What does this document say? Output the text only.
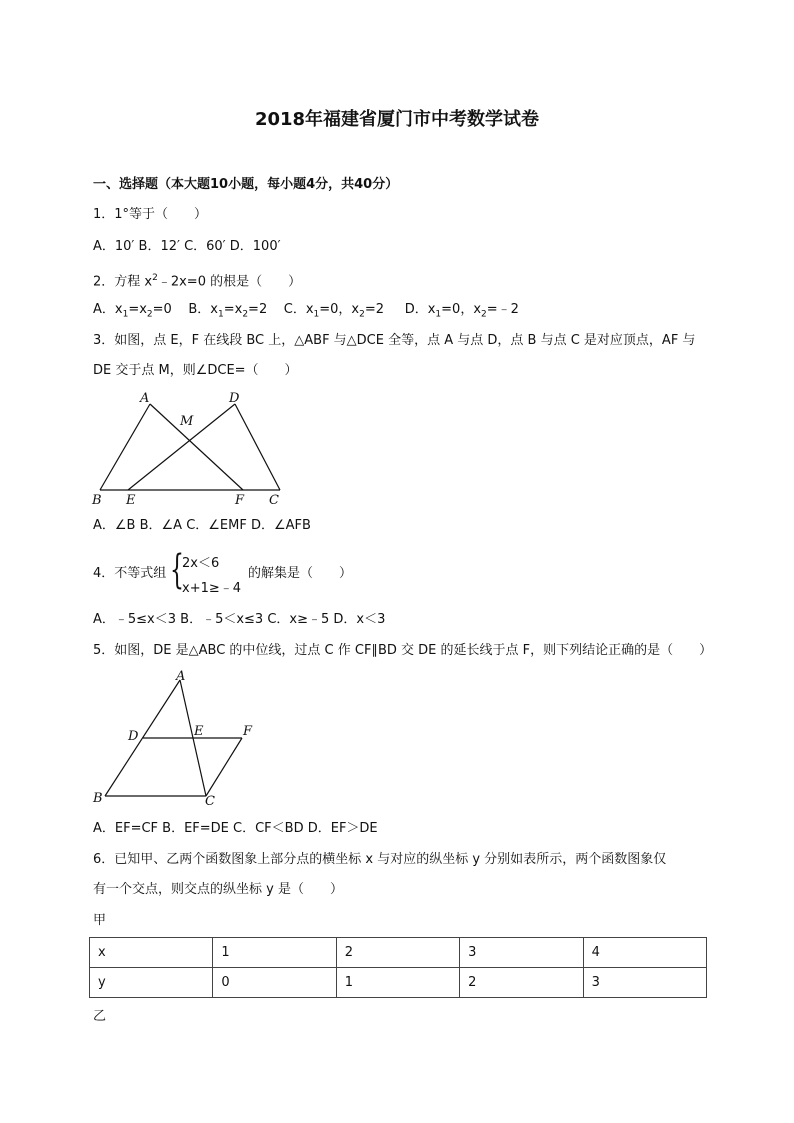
2018年福建省厦门市中考数学试卷
一、选择题（本大题10小题，每小题4分，共40分）
1．1°等于（　　）
A．10′ B．12′ C．60′ D．100′
2．方程 $x^2﹣2x=0$ 的根是（　　）
A．$x_1=x_2=0$ B．$x_1=x_2=2$ C．$x_1=0$，$x_2=2$ D．$x_1=0$，$x_2=﹣2$
3．如图，点 E，F 在线段 BC 上，△ABF 与△DCE 全等，点 A 与点 D，点 B 与点 C 是对应顶点，AF 与
DE 交于点 M，则∠DCE=（　　）
A	D
M
B E	F C
A．∠B B．∠A C．∠EMF D．∠AFB
4．不等式组 {
2x＜6
x+1≥﹣4
的解集是（　　）
A．﹣5≤x＜3 B．﹣5＜x≤3 C．x≥﹣5 D．x＜3
5．如图，DE 是△ABC 的中位线，过点 C 作 CF∥BD 交 DE 的延长线于点 F，则下列结论正确的是（　　）
A
D	E	F
B	C
A．EF=CF B．EF=DE C．CF＜BD D．EF＞DE
6．已知甲、乙两个函数图象上部分点的横坐标 x 与对应的纵坐标 y 分别如表所示，两个函数图象仅
有一个交点，则交点的纵坐标 y 是（　　）
甲
x	1	2	3	4
y	0	1	2	3
乙
